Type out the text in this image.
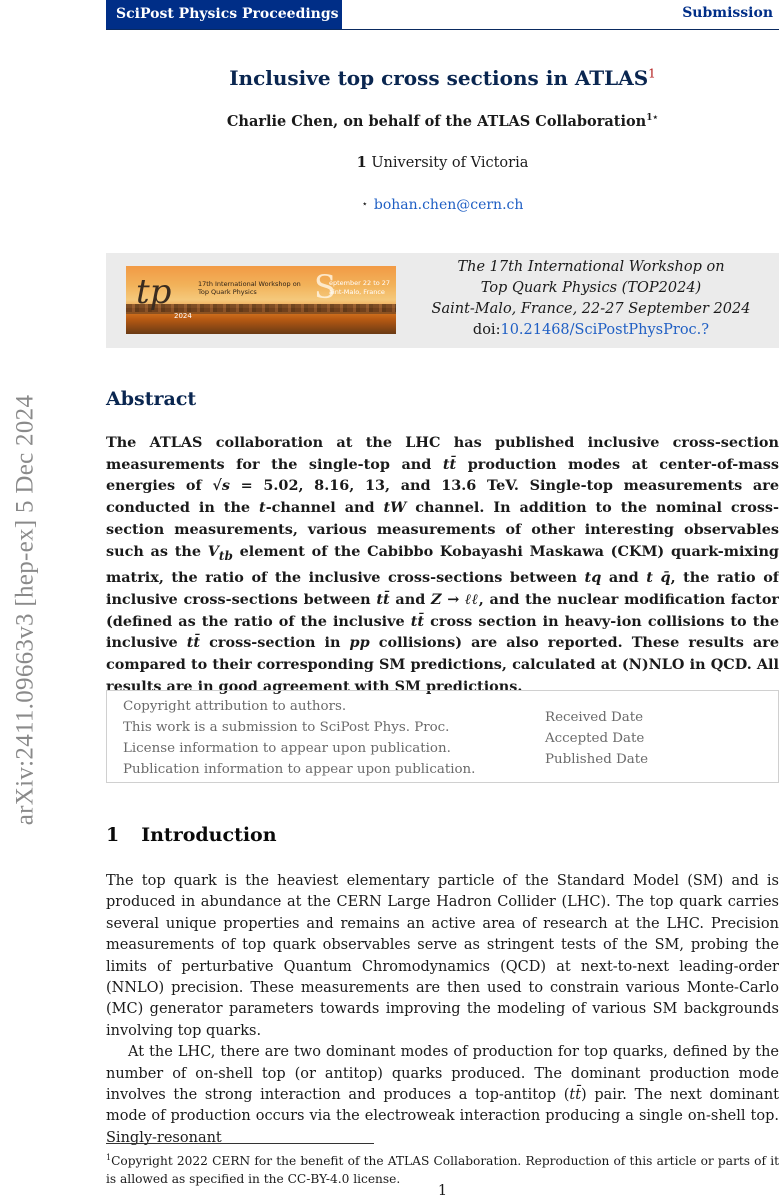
arXiv:2411.09663v3 [hep-ex] 5 Dec 2024
SciPost Physics Proceedings	Submission
Inclusive top cross sections in ATLAS$^1$
Charlie Chen, on behalf of the ATLAS Collaboration$^{1⋆}$
1 University of Victoria
⋆ bohan.chen@cern.ch
tp
2024
17th International Workshop on
Top Quark Physics	S
eptember 22 to 27
aint-Malo, France
The 17th International Workshop on
Top Quark Physics (TOP2024)
Saint-Malo, France, 22-27 September 2024
doi:10.21468/SciPostPhysProc.?
Abstract
The ATLAS collaboration at the LHC has published inclusive cross-section measurements for the single-top and tt̄ production modes at center-of-mass energies of √s = 5.02, 8.16, 13, and 13.6 TeV. Single-top measurements are conducted in the t-channel and tW channel. In addition to the nominal cross-section measurements, various measurements of other interesting observables such as the $V_{tb}$ element of the Cabibbo Kobayashi Maskawa (CKM) quark-mixing matrix, the ratio of the inclusive cross-sections between tq and t q̄, the ratio of inclusive cross-sections between tt̄ and Z → ℓℓ, and the nuclear modification factor (defined as the ratio of the inclusive tt̄ cross section in heavy-ion collisions to the inclusive tt̄ cross-section in pp collisions) are also reported. These results are compared to their corresponding SM predictions, calculated at (N)NLO in QCD. All results are in good agreement with SM predictions.
Copyright attribution to authors.
This work is a submission to SciPost Phys. Proc.
License information to appear upon publication.
Publication information to appear upon publication.
Received Date
Accepted Date
Published Date
1 Introduction

The top quark is the heaviest elementary particle of the Standard Model (SM) and is produced in abundance at the CERN Large Hadron Collider (LHC). The top quark carries several unique properties and remains an active area of research at the LHC. Precision measurements of top quark observables serve as stringent tests of the SM, probing the limits of perturbative Quantum Chromodynamics (QCD) at next-to-next leading-order (NNLO) precision. These measurements are then used to constrain various Monte-Carlo (MC) generator parameters towards improving the modeling of various SM backgrounds involving top quarks.

At the LHC, there are two dominant modes of production for top quarks, defined by the number of on-shell top (or antitop) quarks produced. The dominant production mode involves the strong interaction and produces a top-antitop (tt̄) pair. The next dominant mode of production occurs via the electroweak interaction producing a single on-shell top. Singly-resonant

$^1$Copyright 2022 CERN for the benefit of the ATLAS Collaboration. Reproduction of this article or parts of it is allowed as specified in the CC-BY-4.0 license.
1
